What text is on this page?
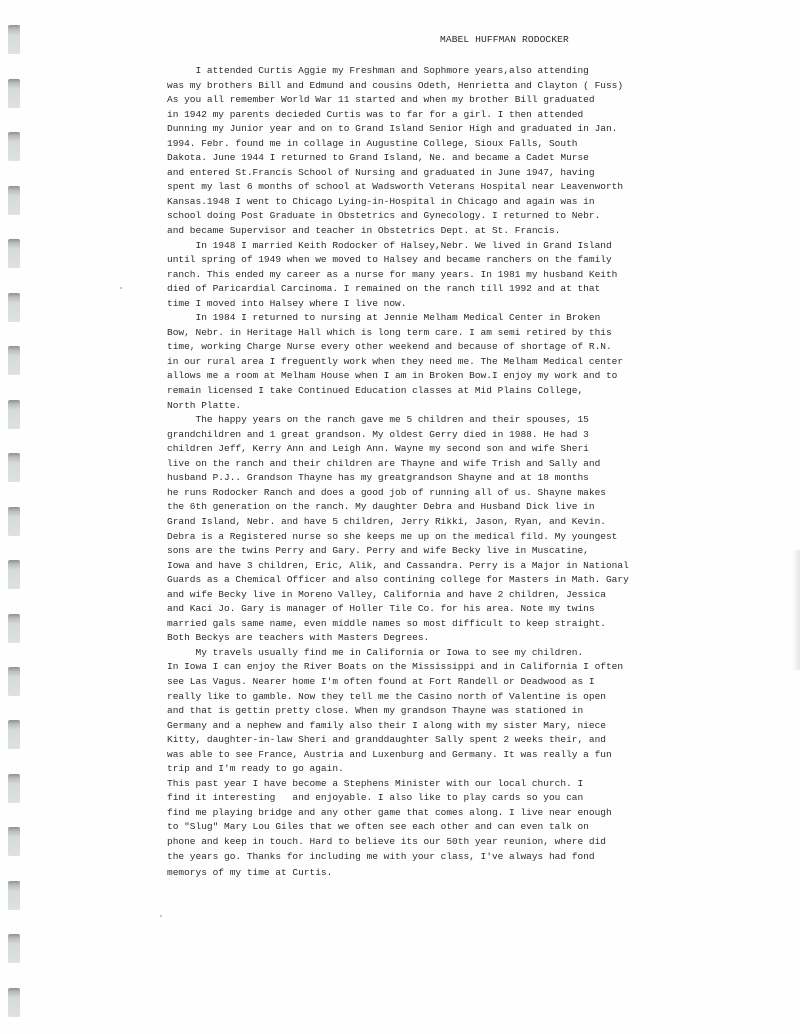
MABEL HUFFMAN RODOCKER
I attended Curtis Aggie my Freshman and Sophmore years,also attending
was my brothers Bill and Edmund and cousins Odeth, Henrietta and Clayton ( Fuss)
As you all remember World War 11 started and when my brother Bill graduated
in 1942 my parents decieded Curtis was to far for a girl. I then attended
Dunning my Junior year and on to Grand Island Senior High and graduated in Jan.
1994. Febr. found me in collage in Augustine College, Sioux Falls, South
Dakota. June 1944 I returned to Grand Island, Ne. and became a Cadet Murse
and entered St.Francis School of Nursing and graduated in June 1947, having
spent my last 6 months of school at Wadsworth Veterans Hospital near Leavenworth
Kansas.1948 I went to Chicago Lying-in-Hospital in Chicago and again was in
school doing Post Graduate in Obstetrics and Gynecology. I returned to Nebr.
and became Supervisor and teacher in Obstetrics Dept. at St. Francis.
In 1948 I married Keith Rodocker of Halsey,Nebr. We lived in Grand Island
until spring of 1949 when we moved to Halsey and became ranchers on the family
ranch. This ended my career as a nurse for many years. In 1981 my husband Keith
died of Paricardial Carcinoma. I remained on the ranch till 1992 and at that
time I moved into Halsey where I live now.
In 1984 I returned to nursing at Jennie Melham Medical Center in Broken
Bow, Nebr. in Heritage Hall which is long term care. I am semi retired by this
time, working Charge Nurse every other weekend and because of shortage of R.N.
in our rural area I freguently work when they need me. The Melham Medical center
allows me a room at Melham House when I am in Broken Bow.I enjoy my work and to
remain licensed I take Continued Education classes at Mid Plains College,
North Platte.
The happy years on the ranch gave me 5 children and their spouses, 15
grandchildren and 1 great grandson. My oldest Gerry died in 1988. He had 3
children Jeff, Kerry Ann and Leigh Ann. Wayne my second son and wife Sheri
live on the ranch and their children are Thayne and wife Trish and Sally and
husband P.J.. Grandson Thayne has my greatgrandson Shayne and at 18 months
he runs Rodocker Ranch and does a good job of running all of us. Shayne makes
the 6th generation on the ranch. My daughter Debra and Husband Dick live in
Grand Island, Nebr. and have 5 children, Jerry Rikki, Jason, Ryan, and Kevin.
Debra is a Registered nurse so she keeps me up on the medical fild. My youngest
sons are the twins Perry and Gary. Perry and wife Becky live in Muscatine,
Iowa and have 3 children, Eric, Alik, and Cassandra. Perry is a Major in National
Guards as a Chemical Officer and also contining college for Masters in Math. Gary
and wife Becky live in Moreno Valley, California and have 2 children, Jessica
and Kaci Jo. Gary is manager of Holler Tile Co. for his area. Note my twins
married gals same name, even middle names so most difficult to keep straight.
Both Beckys are teachers with Masters Degrees.
My travels usually find me in California or Iowa to see my children.
In Iowa I can enjoy the River Boats on the Mississippi and in California I often
see Las Vagus. Nearer home I'm often found at Fort Randell or Deadwood as I
really like to gamble. Now they tell me the Casino north of Valentine is open
and that is gettin pretty close. When my grandson Thayne was stationed in
Germany and a nephew and family also their I along with my sister Mary, niece
Kitty, daughter-in-law Sheri and granddaughter Sally spent 2 weeks their, and
was able to see France, Austria and Luxenburg and Germany. It was really a fun
trip and I'm ready to go again.
This past year I have become a Stephens Minister with our local church. I
find it interesting   and enjoyable. I also like to play cards so you can
find me playing bridge and any other game that comes along. I live near enough
to "Slug" Mary Lou Giles that we often see each other and can even talk on
phone and keep in touch. Hard to believe its our 50th year reunion, where did
the years go. Thanks for including me with your class, I've always had fond
memorys of my time at Curtis.
